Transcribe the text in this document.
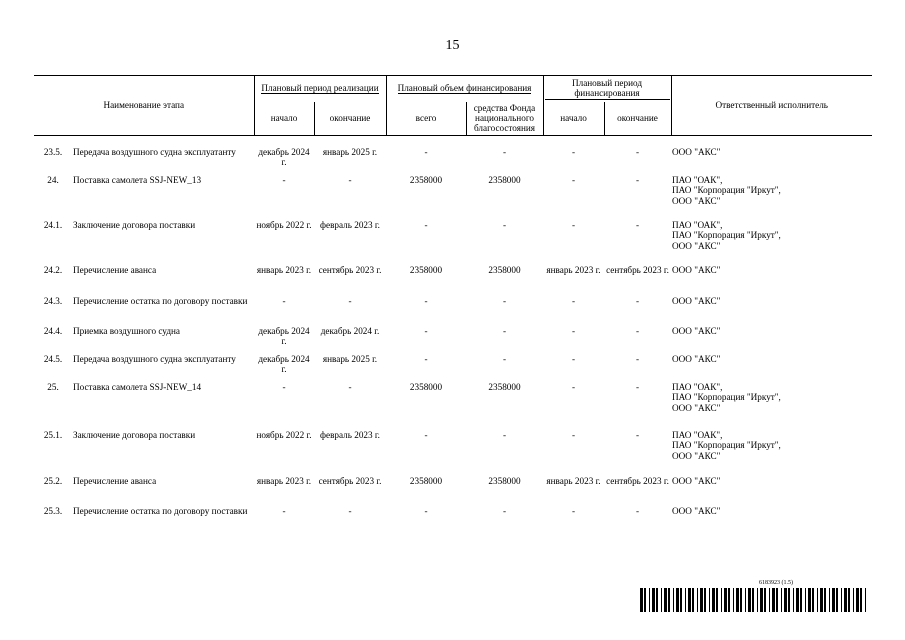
15
Наименование этапа		Плановый период реализации		Плановый объем финансирования		Плановый период финансирования		Ответственный исполнитель
		начало	окончание	всего	средства Фонда национального благосостояния	начало	окончание	

23.5.	Передача воздушного судна эксплуатанту	декабрь 2024 г.	январь 2025 г.	-	-	-	-	ООО "АКС"
24.	Поставка самолета SSJ-NEW_13	-	-	2358000	2358000	-	-	ПАО "ОАК",
ПАО "Корпорация "Иркут",
ООО "АКС"
24.1.	Заключение договора поставки	ноябрь 2022 г.	февраль 2023 г.	-	-	-	-	ПАО "ОАК",
ПАО "Корпорация "Иркут",
ООО "АКС"
24.2.	Перечисление аванса	январь 2023 г.	сентябрь 2023 г.	2358000	2358000	январь 2023 г.	сентябрь 2023 г.	ООО "АКС"
24.3.	Перечисление остатка по договору поставки	-	-	-	-	-	-	ООО "АКС"
24.4.	Приемка воздушного судна	декабрь 2024 г.	декабрь 2024 г.	-	-	-	-	ООО "АКС"
24.5.	Передача воздушного судна эксплуатанту	декабрь 2024 г.	январь 2025 г.	-	-	-	-	ООО "АКС"
25.	Поставка самолета SSJ-NEW_14	-	-	2358000	2358000	-	-	ПАО "ОАК",
ПАО "Корпорация "Иркут",
ООО "АКС"
25.1.	Заключение договора поставки	ноябрь 2022 г.	февраль 2023 г.	-	-	-	-	ПАО "ОАК",
ПАО "Корпорация "Иркут",
ООО "АКС"
25.2.	Перечисление аванса	январь 2023 г.	сентябрь 2023 г.	2358000	2358000	январь 2023 г.	сентябрь 2023 г.	ООО "АКС"
25.3.	Перечисление остатка по договору поставки	-	-	-	-	-	-	ООО "АКС"
6183923 (1.5)
